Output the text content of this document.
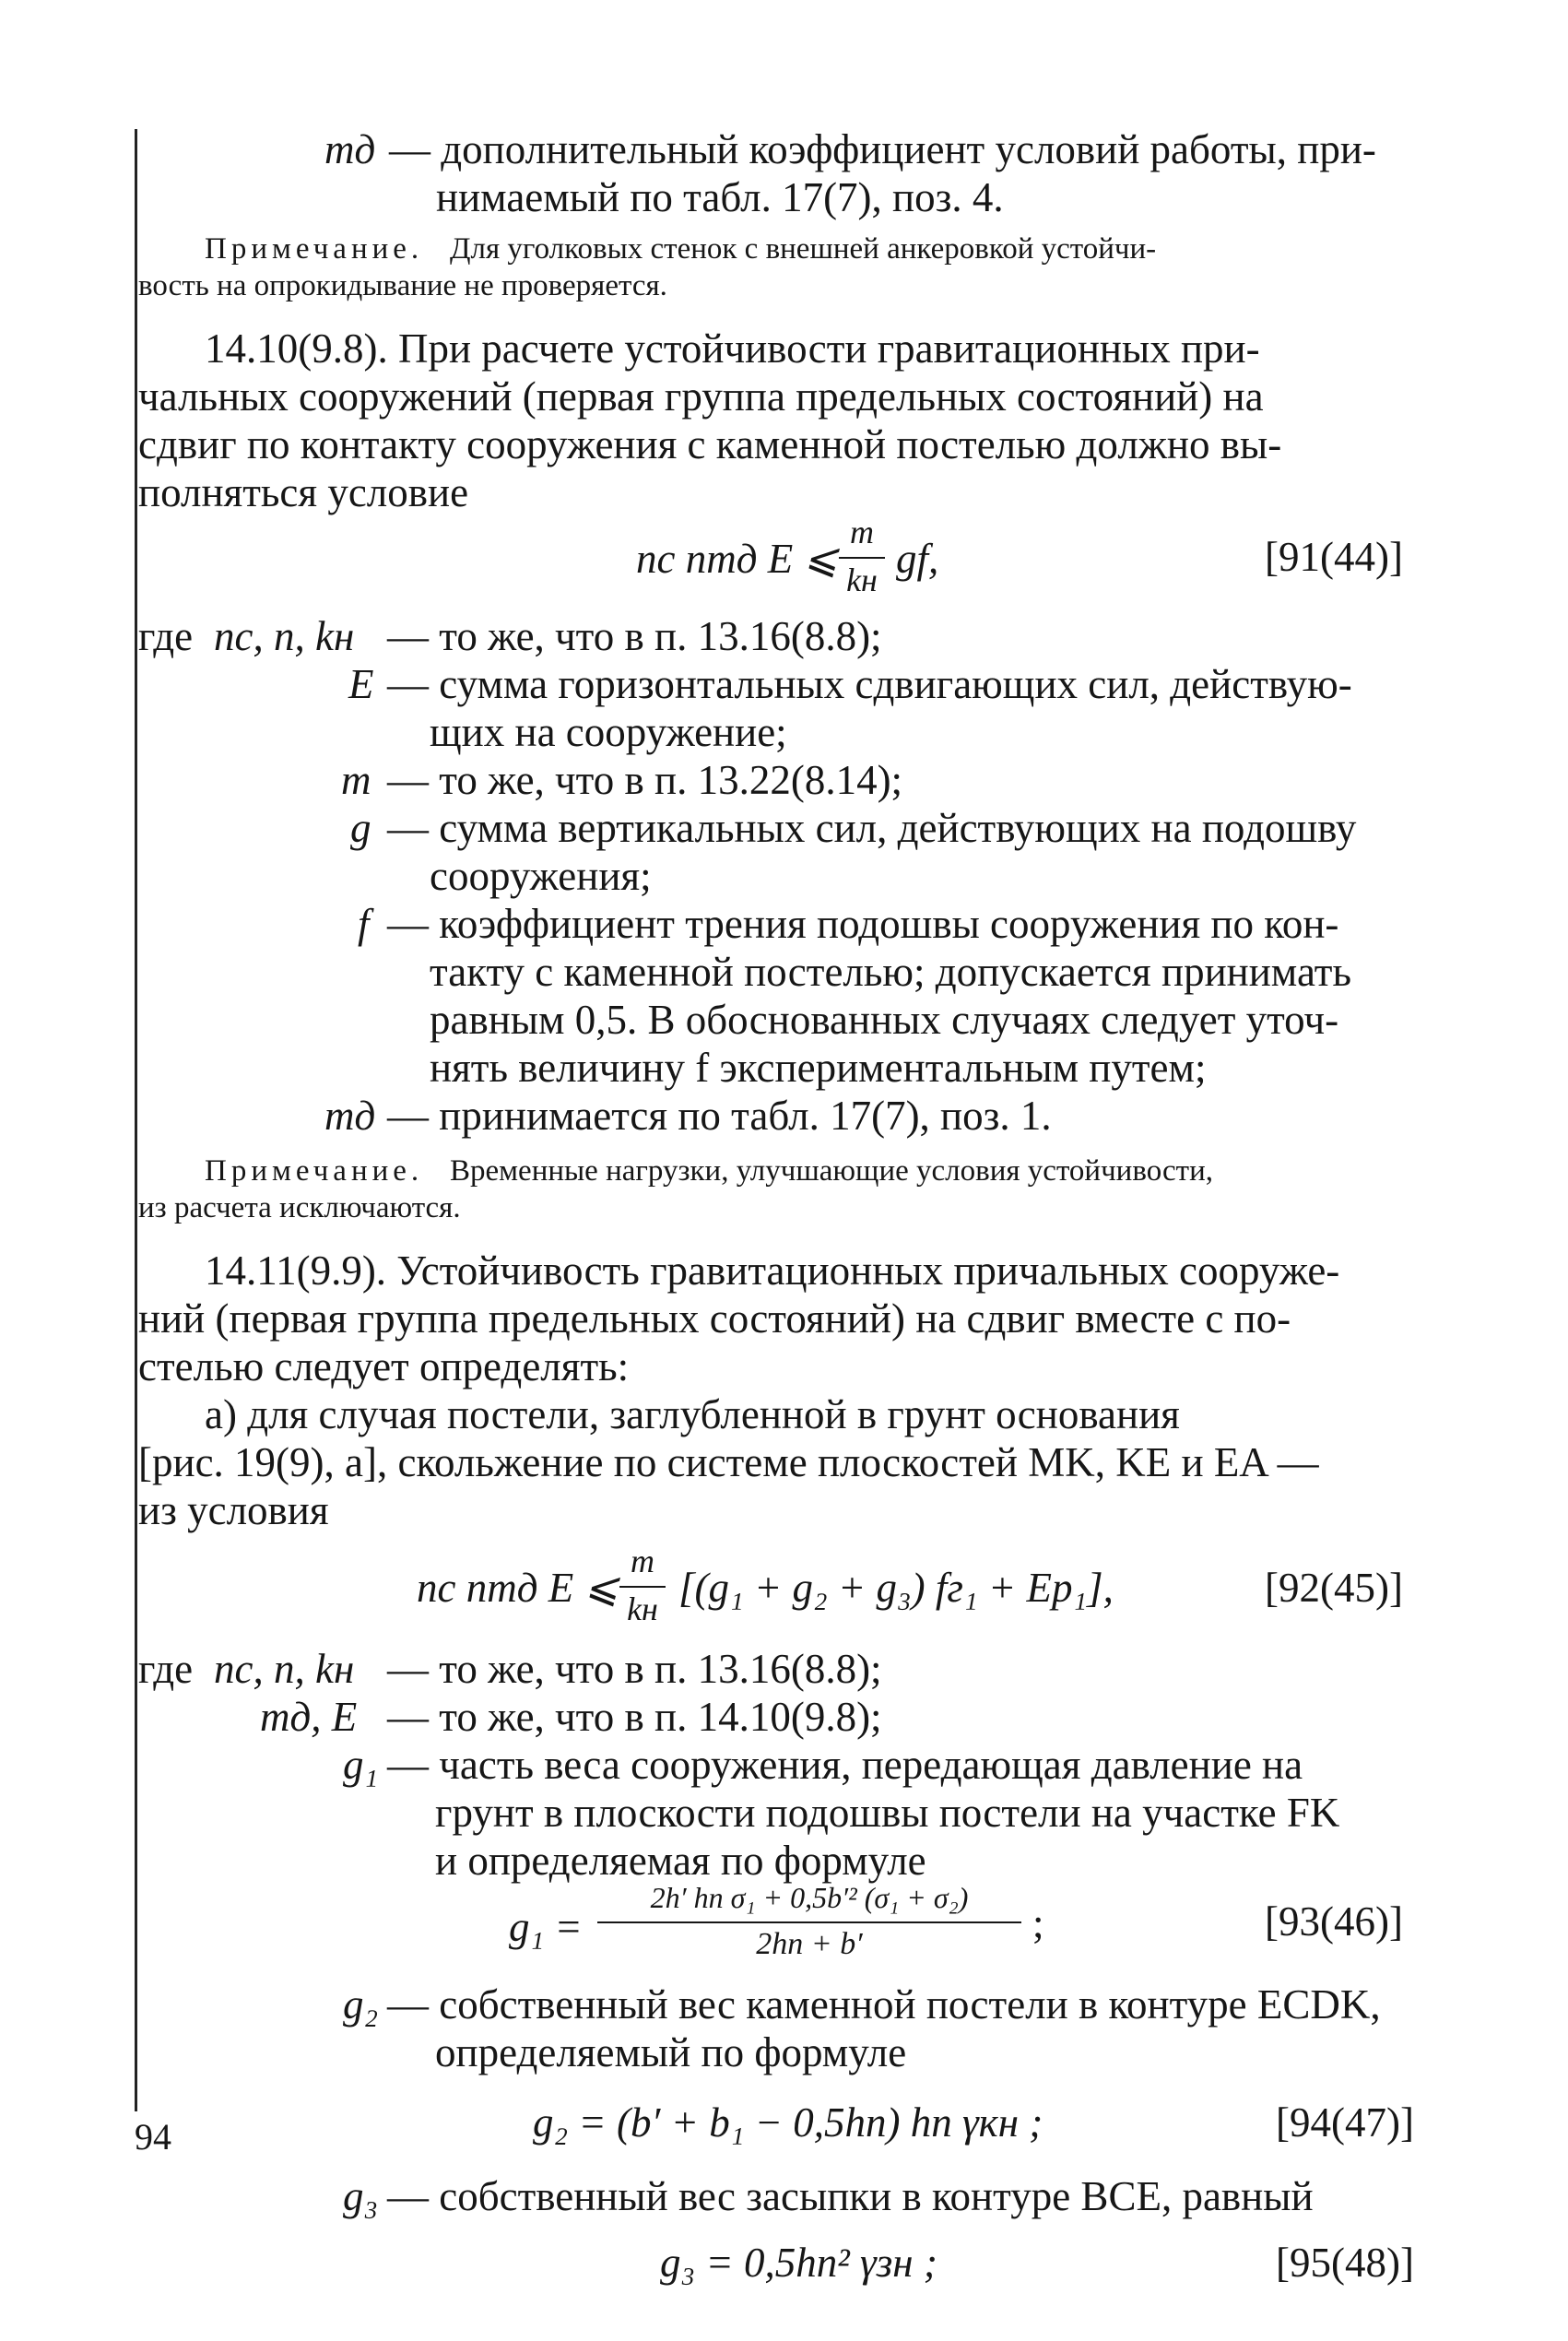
mд — дополнительный коэффициент условий работы, при-
нимаемый по табл. 17(7), поз. 4.
Примечание. Для уголковых стенок с внешней анкеровкой устойчи-
вость на опрокидывание не проверяется.
14.10(9.8). При расчете устойчивости гравитационных при-
чальных сооружений (первая группа предельных состояний) на
сдвиг по контакту сооружения с каменной постелью должно вы-
полняться условие
nс nmд E ⩽
m
kн gf,	[91(44)]
где nс, n, kн — то же, что в п. 13.16(8.8);
E — сумма горизонтальных сдвигающих сил, действую-
щих на сооружение;
m — то же, что в п. 13.22(8.14);
g — сумма вертикальных сил, действующих на подошву
сооружения;
f — коэффициент трения подошвы сооружения по кон-
такту с каменной постелью; допускается принимать
равным 0,5. В обоснованных случаях следует уточ-
нять величину f экспериментальным путем;
mд — принимается по табл. 17(7), поз. 1.
Примечание. Временные нагрузки, улучшающие условия устойчивости,
из расчета исключаются.
14.11(9.9). Устойчивость гравитационных причальных сооруже-
ний (первая группа предельных состояний) на сдвиг вместе с по-
стелью следует определять:
а) для случая постели, заглубленной в грунт основания
[рис. 19(9), а], скольжение по системе плоскостей MK, KE и EA —
из условия
nс nmд E ⩽
m
kн [(g₁ + g₂ + g₃) fг₁ + Eр₁],	[92(45)]
где nс, n, kн — то же, что в п. 13.16(8.8);
mд, E — то же, что в п. 14.10(9.8);
g₁ — часть веса сооружения, передающая давление на
грунт в плоскости подошвы постели на участке FK
и определяемая по формуле
g₁ =
2h′ hп σ₁ + 0,5b′² (σ₁ + σ₂)
2hп + b′	;	[93(46)]
g₂ — собственный вес каменной постели в контуре ECDK,
определяемый по формуле
g₂ = (b′ + b₁ − 0,5hп) hп γкн ;	[94(47)]
g₃ — собственный вес засыпки в контуре BCE, равный
g₃ = 0,5hп² γзн ;	[95(48)]
94
